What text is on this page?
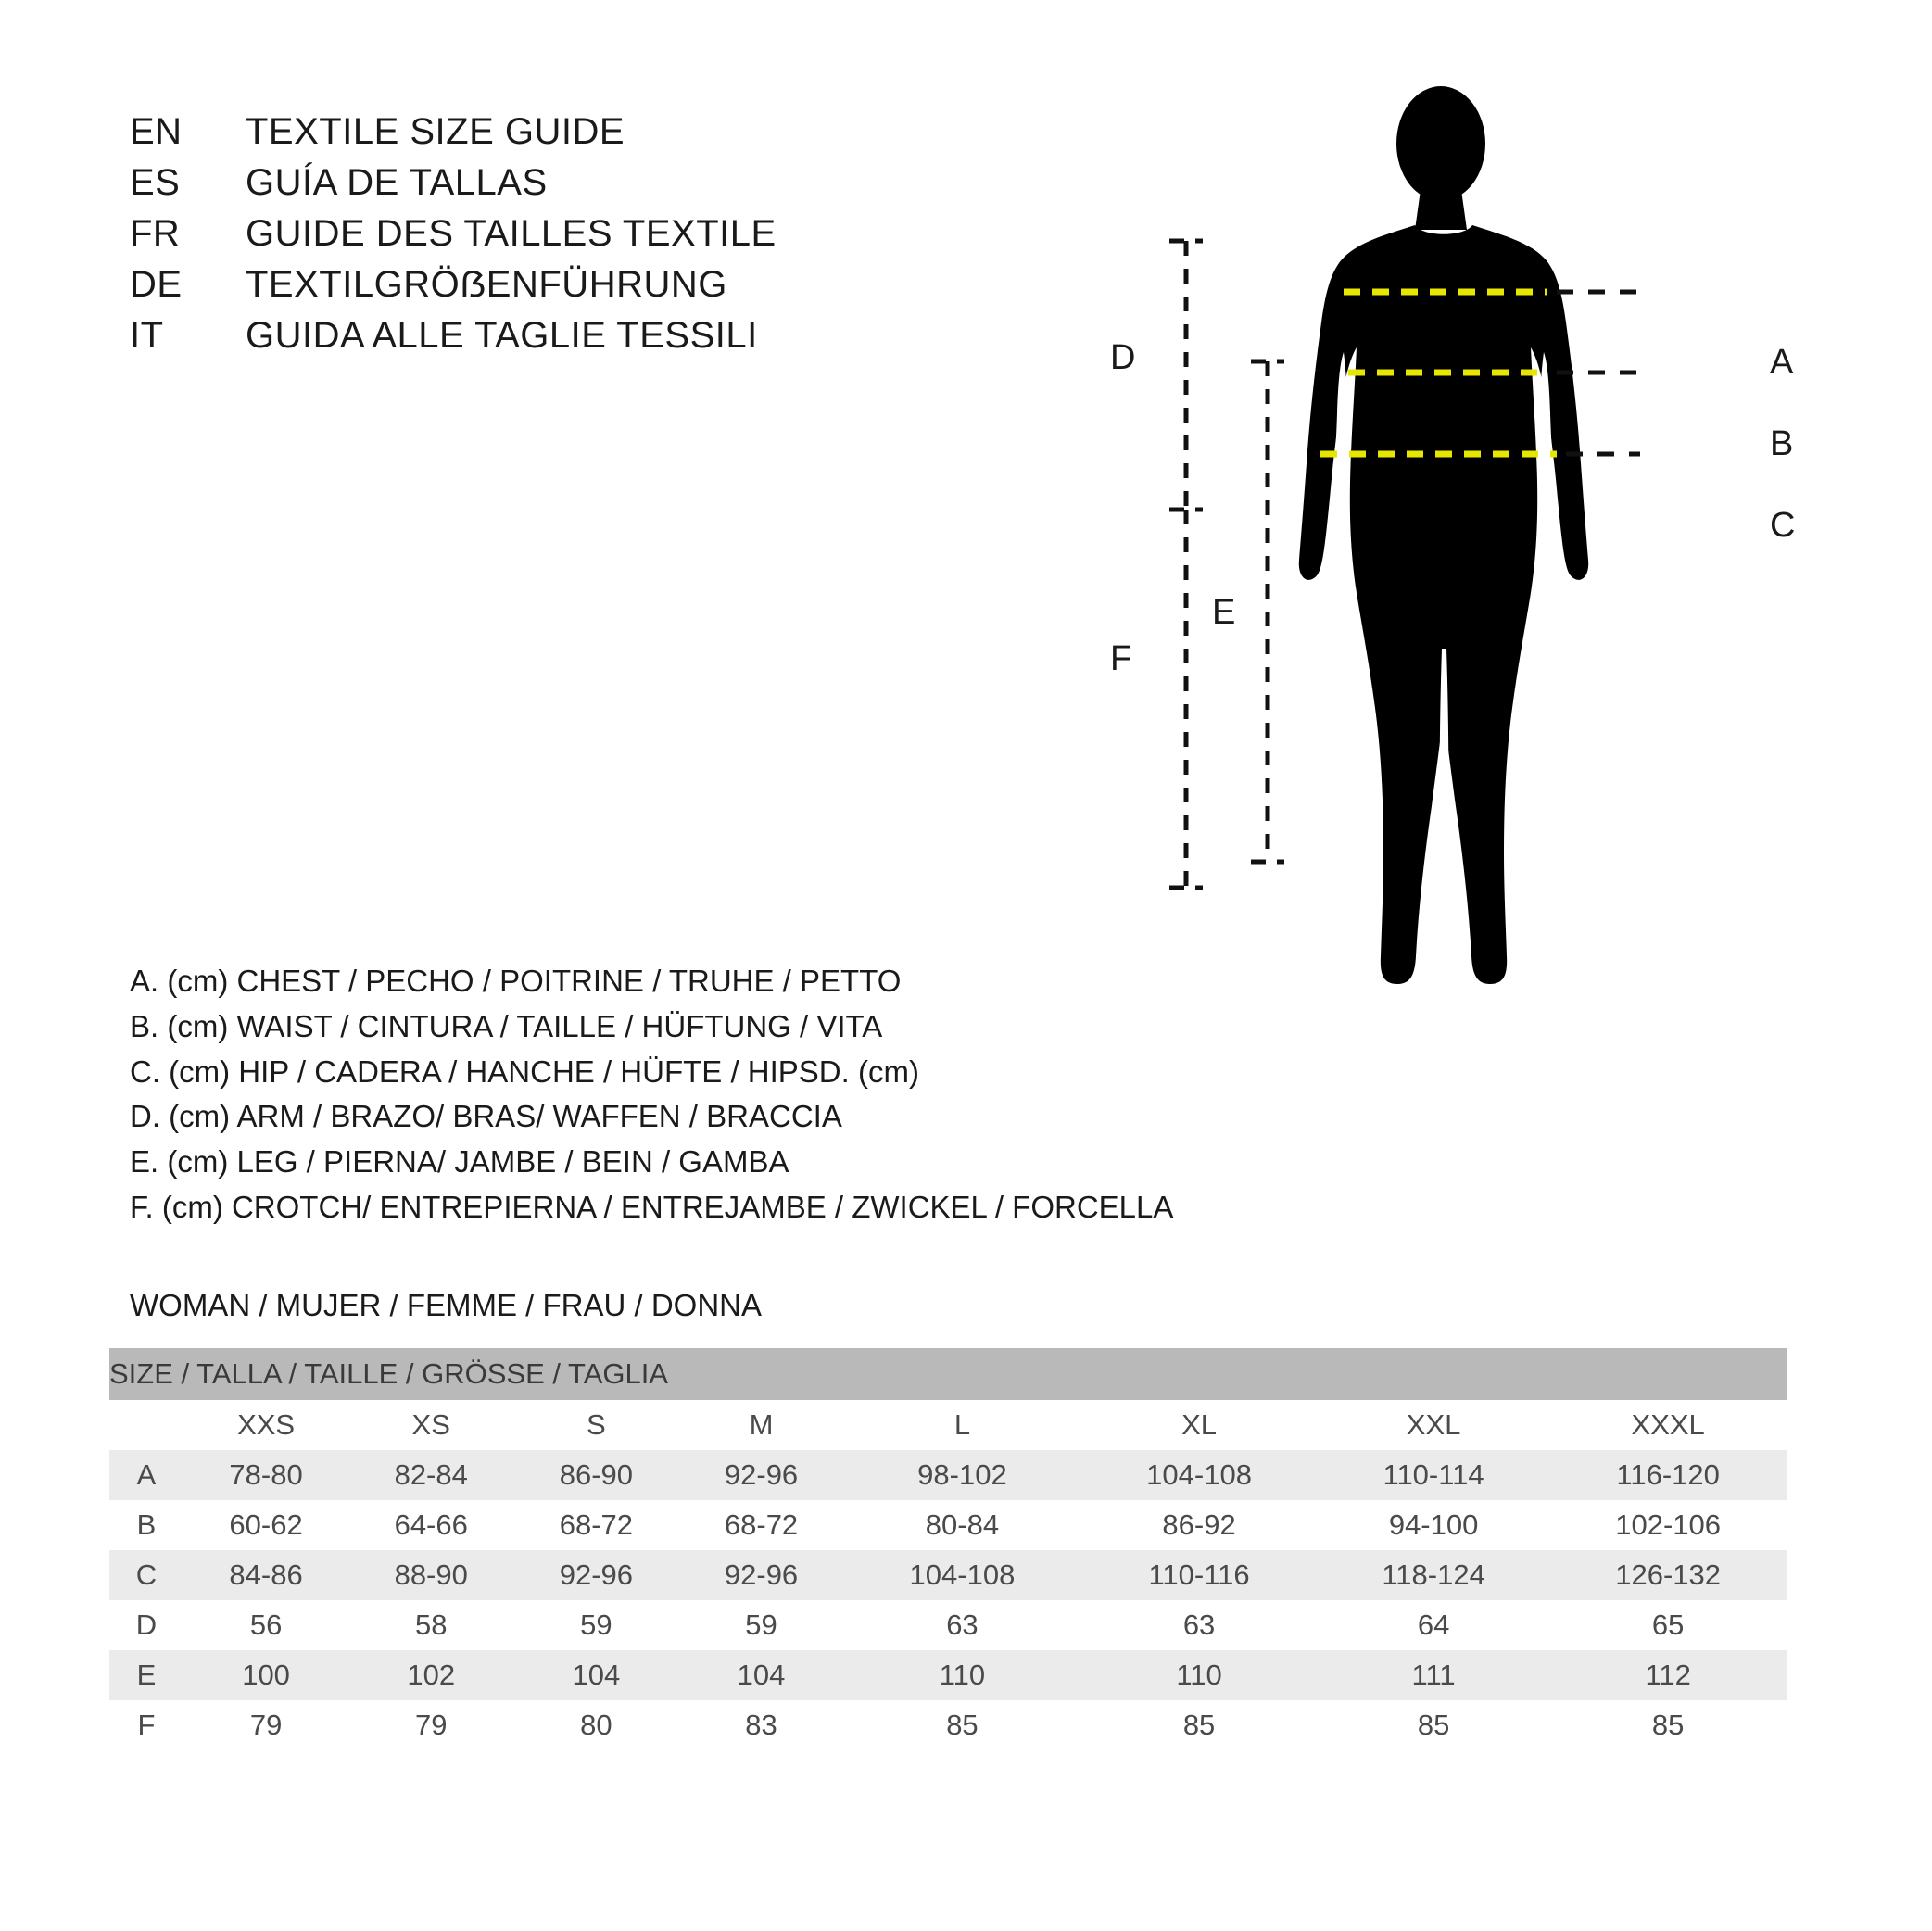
EN	TEXTILE SIZE GUIDE
ES	GUÍA DE TALLAS
FR	GUIDE DES TAILLES TEXTILE
DE	TEXTILGRÖẞENFÜHRUNG
IT	GUIDA ALLE TAGLIE TESSILI
A
B
C
D
E
F
A. (cm) CHEST / PECHO / POITRINE / TRUHE / PETTO
B. (cm) WAIST / CINTURA / TAILLE / HÜFTUNG / VITA
C. (cm) HIP / CADERA / HANCHE / HÜFTE / HIPSD. (cm)
D. (cm) ARM / BRAZO/ BRAS/ WAFFEN / BRACCIA
E. (cm) LEG / PIERNA/ JAMBE / BEIN / GAMBA
F. (cm) CROTCH/ ENTREPIERNA / ENTREJAMBE / ZWICKEL / FORCELLA
WOMAN / MUJER / FEMME / FRAU / DONNA
SIZE / TALLA / TAILLE / GRÖSSE / TAGLIA								
	XXS	XS	S	M	L	XL	XXL	XXXL
A	78-80	82-84	86-90	92-96	98-102	104-108	110-114	116-120
B	60-62	64-66	68-72	68-72	80-84	86-92	94-100	102-106
C	84-86	88-90	92-96	92-96	104-108	110-116	118-124	126-132
D	56	58	59	59	63	63	64	65
E	100	102	104	104	110	110	111	112
F	79	79	80	83	85	85	85	85
